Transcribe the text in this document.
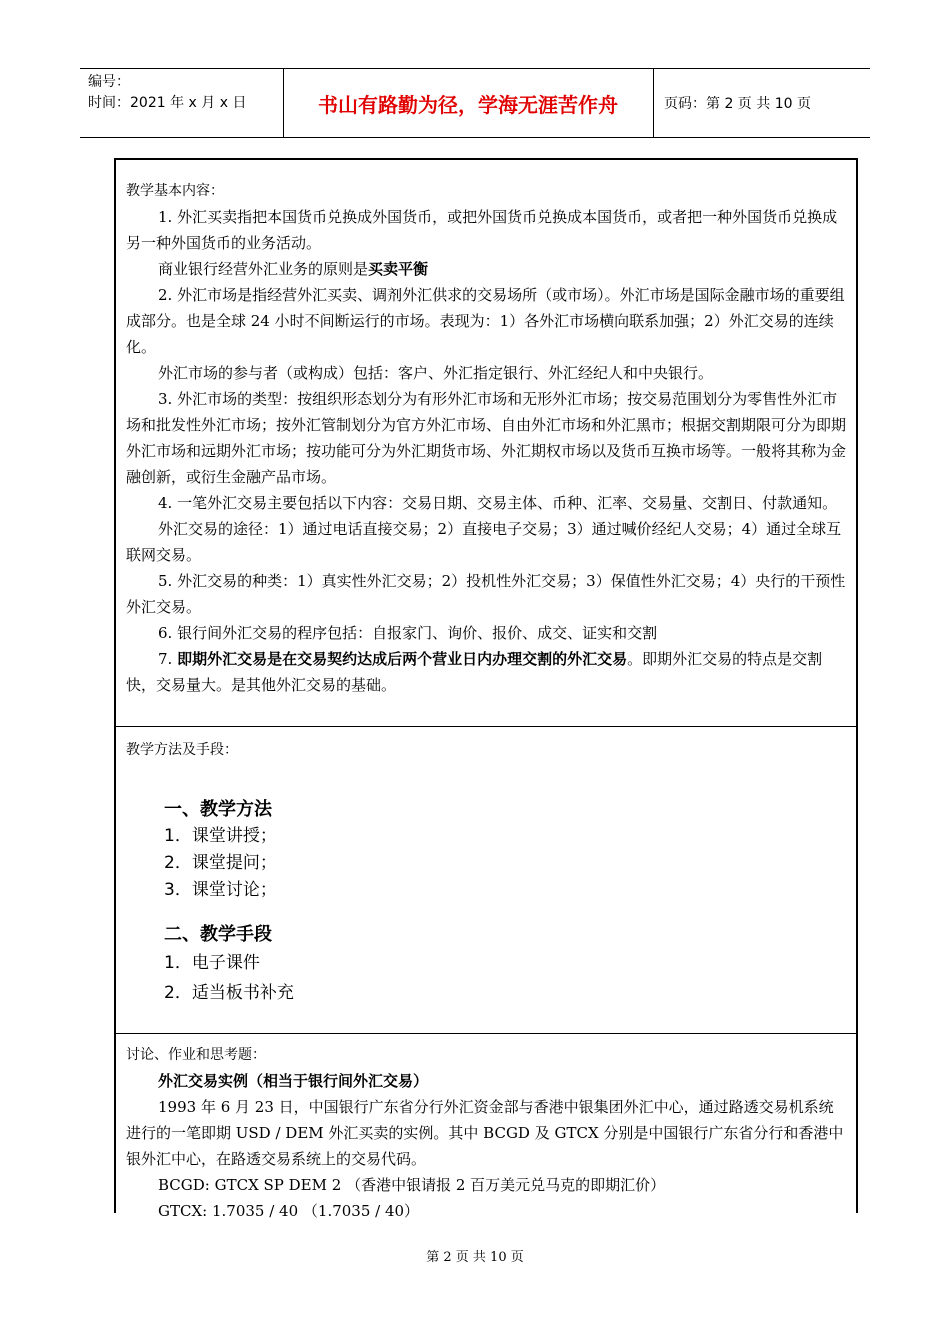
编号：
时间：2021 年 x 月 x 日	书山有路勤为径，学海无涯苦作舟	页码：第 2 页 共 10 页

教学基本内容：

1. 外汇买卖指把本国货币兑换成外国货币，或把外国货币兑换成本国货币，或者把一种外国货币兑换成另一种外国货币的业务活动。

商业银行经营外汇业务的原则是买卖平衡

2. 外汇市场是指经营外汇买卖、调剂外汇供求的交易场所（或市场）。外汇市场是国际金融市场的重要组成部分。也是全球 24 小时不间断运行的市场。表现为：1）各外汇市场横向联系加强；2）外汇交易的连续化。

外汇市场的参与者（或构成）包括：客户、外汇指定银行、外汇经纪人和中央银行。

3. 外汇市场的类型：按组织形态划分为有形外汇市场和无形外汇市场；按交易范围划分为零售性外汇市场和批发性外汇市场；按外汇管制划分为官方外汇市场、自由外汇市场和外汇黑市；根据交割期限可分为即期外汇市场和远期外汇市场；按功能可分为外汇期货市场、外汇期权市场以及货币互换市场等。一般将其称为金融创新，或衍生金融产品市场。

4. 一笔外汇交易主要包括以下内容：交易日期、交易主体、币种、汇率、交易量、交割日、付款通知。

外汇交易的途径：1）通过电话直接交易；2）直接电子交易；3）通过喊价经纪人交易；4）通过全球互联网交易。

5. 外汇交易的种类：1）真实性外汇交易；2）投机性外汇交易；3）保值性外汇交易；4）央行的干预性外汇交易。

6. 银行间外汇交易的程序包括：自报家门、询价、报价、成交、证实和交割

7. 即期外汇交易是在交易契约达成后两个营业日内办理交割的外汇交易。即期外汇交易的特点是交割快，交易量大。是其他外汇交易的基础。

教学方法及手段：

一、教学方法

1．课堂讲授；

2．课堂提问；

3．课堂讨论；

二、教学手段

1．电子课件

2．适当板书补充

讨论、作业和思考题：

外汇交易实例（相当于银行间外汇交易）

1993 年 6 月 23 日，中国银行广东省分行外汇资金部与香港中银集团外汇中心，通过路透交易机系统进行的一笔即期 USD / DEM 外汇买卖的实例。其中 BCGD 及 GTCX 分别是中国银行广东省分行和香港中银外汇中心，在路透交易系统上的交易代码。

BCGD: GTCX SP DEM 2 （香港中银请报 2 百万美元兑马克的即期汇价）

GTCX: 1.7035 / 40 （1.7035 / 40）

第 2 页 共 10 页
